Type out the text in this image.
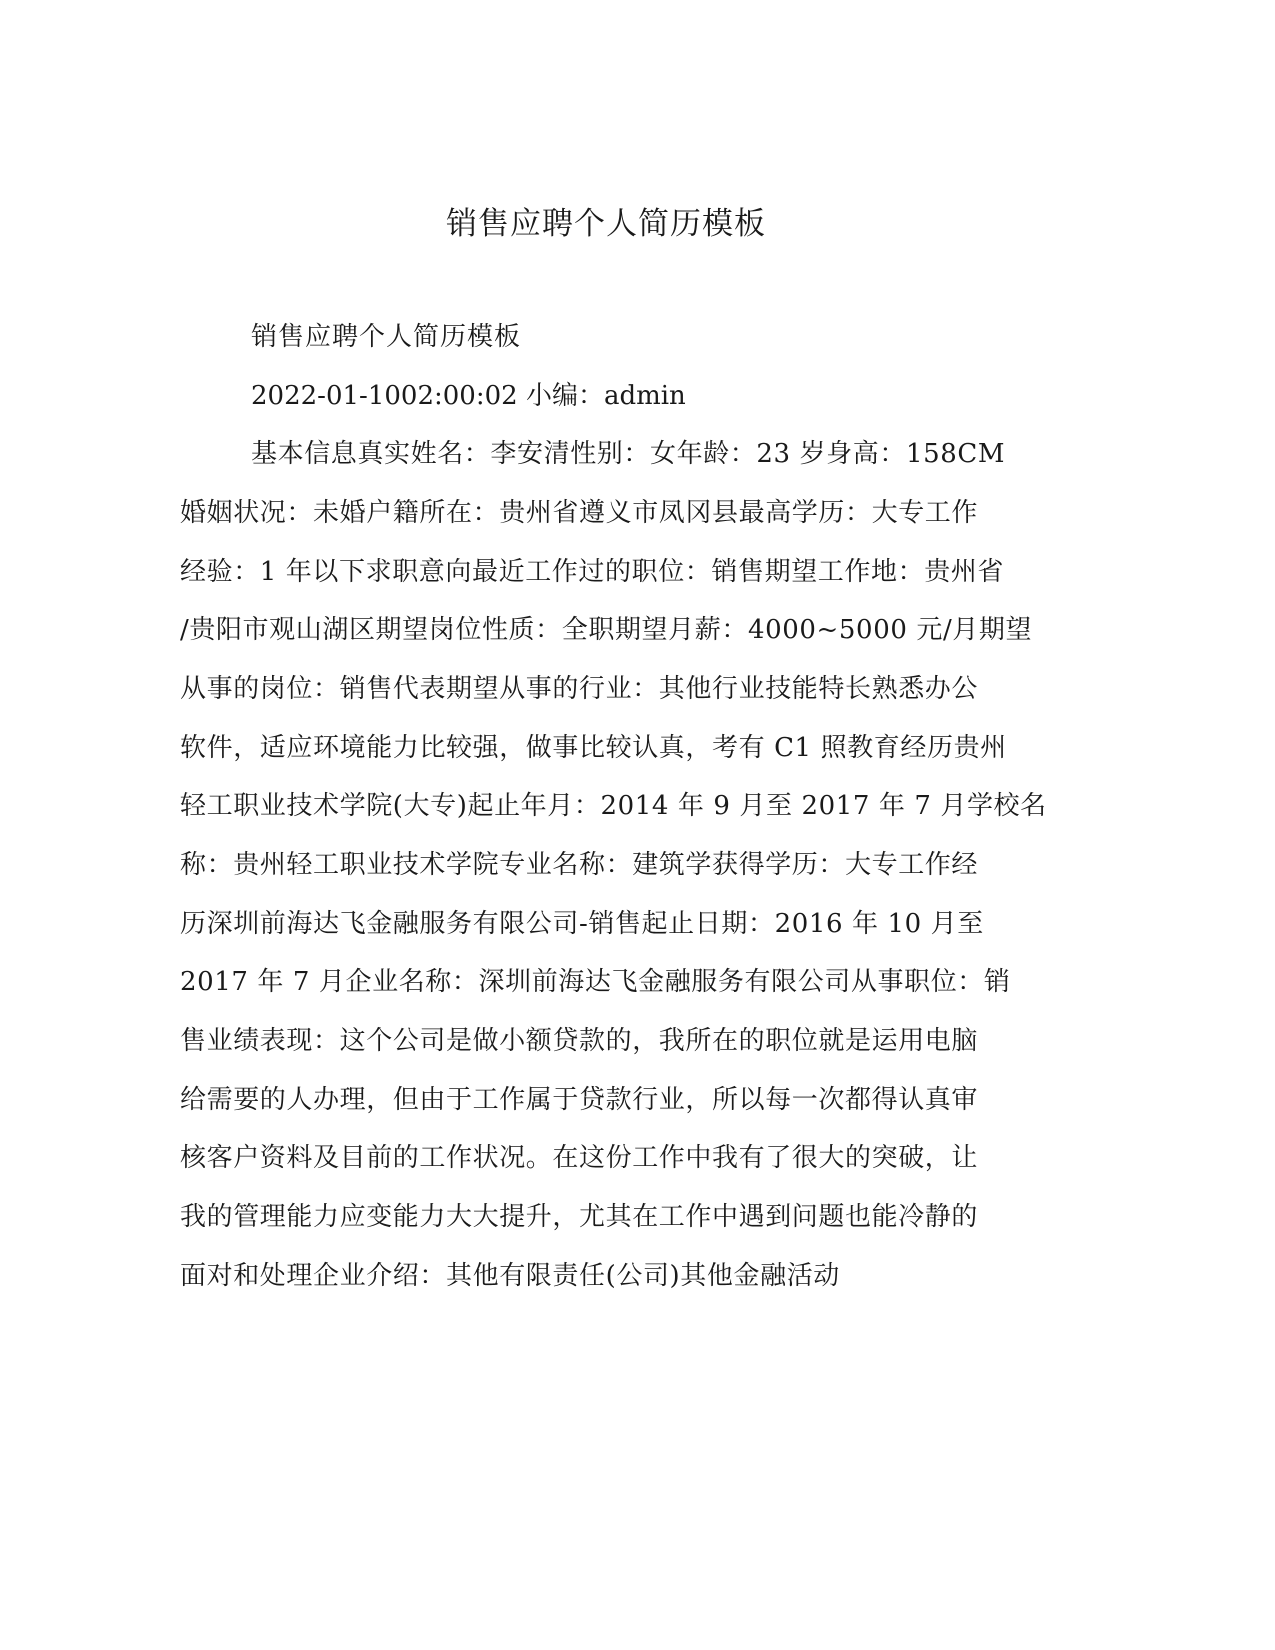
销售应聘个人简历模板

销售应聘个人简历模板

2022-01-1002:00:02 小编：admin

基本信息真实姓名：李安清性别：女年龄：23 岁身高：158CM

婚姻状况：未婚户籍所在：贵州省遵义市凤冈县最高学历：大专工作

经验：1 年以下求职意向最近工作过的职位：销售期望工作地：贵州省

/贵阳市观山湖区期望岗位性质：全职期望月薪：4000~5000 元/月期望

从事的岗位：销售代表期望从事的行业：其他行业技能特长熟悉办公

软件，适应环境能力比较强，做事比较认真，考有 C1 照教育经历贵州

轻工职业技术学院(大专)起止年月：2014 年 9 月至 2017 年 7 月学校名

称：贵州轻工职业技术学院专业名称：建筑学获得学历：大专工作经

历深圳前海达飞金融服务有限公司-销售起止日期：2016 年 10 月至

2017 年 7 月企业名称：深圳前海达飞金融服务有限公司从事职位：销

售业绩表现：这个公司是做小额贷款的，我所在的职位就是运用电脑

给需要的人办理，但由于工作属于贷款行业，所以每一次都得认真审

核客户资料及目前的工作状况。在这份工作中我有了很大的突破，让

我的管理能力应变能力大大提升，尤其在工作中遇到问题也能冷静的

面对和处理企业介绍：其他有限责任(公司)其他金融活动
